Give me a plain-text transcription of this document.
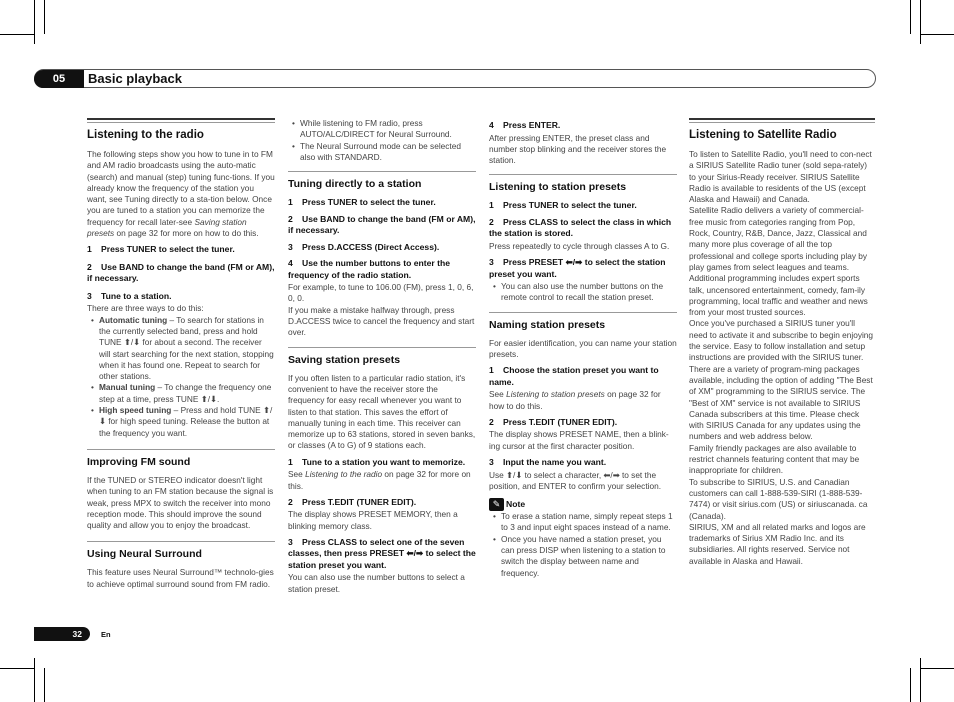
05	Basic playback
Listening to the radio

The following steps show you how to tune in to FM and AM radio broadcasts using the auto-matic (search) and manual (step) tuning func-tions. If you already know the frequency of the station you want, see Tuning directly to a sta-tion below. Once you are tuned to a station you can memorize the frequency for recall later-see Saving station presets on page 32 for more on how to do this.

1 Press TUNER to select the tuner.
2 Use BAND to change the band (FM or AM), if necessary.
3 Tune to a station.

There are three ways to do this:

• Automatic tuning – To search for stations in the currently selected band, press and hold TUNE ⬆/⬇ for about a second. The receiver will start searching for the next station, stopping when it has found one. Repeat to search for other stations.

• Manual tuning – To change the frequency one step at a time, press TUNE ⬆/⬇.

• High speed tuning – Press and hold TUNE ⬆/⬇ for high speed tuning. Release the button at the frequency you want.

Improving FM sound

If the TUNED or STEREO indicator doesn't light when tuning to an FM station because the signal is weak, press MPX to switch the receiver into mono reception mode. This should improve the sound quality and allow you to enjoy the broadcast.

Using Neural Surround

This feature uses Neural Surround™ technolo-gies to achieve optimal surround sound from FM radio.

• While listening to FM radio, press AUTO/ALC/DIRECT for Neural Surround.

• The Neural Surround mode can be selected also with STANDARD.

Tuning directly to a station
1 Press TUNER to select the tuner.
2 Use BAND to change the band (FM or AM), if necessary.
3 Press D.ACCESS (Direct Access).
4 Use the number buttons to enter the frequency of the radio station.

For example, to tune to 106.00 (FM), press 1, 0, 6, 0, 0.

If you make a mistake halfway through, press D.ACCESS twice to cancel the frequency and start over.

Saving station presets

If you often listen to a particular radio station, it's convenient to have the receiver store the frequency for easy recall whenever you want to listen to that station. This saves the effort of manually tuning in each time. This receiver can memorize up to 63 stations, stored in seven banks, or classes (A to G) of 9 stations each.

1 Tune to a station you want to memorize.

See Listening to the radio on page 32 for more on this.

2 Press T.EDIT (TUNER EDIT).

The display shows PRESET MEMORY, then a blinking memory class.

3 Press CLASS to select one of the seven classes, then press PRESET ⬅/➡ to select the station preset you want.

You can also use the number buttons to select a station preset.

4 Press ENTER.

After pressing ENTER, the preset class and number stop blinking and the receiver stores the station.

Listening to station presets
1 Press TUNER to select the tuner.
2 Press CLASS to select the class in which the station is stored.

Press repeatedly to cycle through classes A to G.

3 Press PRESET ⬅/➡ to select the station preset you want.

• You can also use the number buttons on the remote control to recall the station preset.

Naming station presets

For easier identification, you can name your station presets.

1 Choose the station preset you want to name.

See Listening to station presets on page 32 for how to do this.

2 Press T.EDIT (TUNER EDIT).

The display shows PRESET NAME, then a blink-ing cursor at the first character position.

3 Input the name you want.

Use ⬆/⬇ to select a character, ⬅/➡ to set the position, and ENTER to confirm your selection.

✎ Note

• To erase a station name, simply repeat steps 1 to 3 and input eight spaces instead of a name.

• Once you have named a station preset, you can press DISP when listening to a station to switch the display between name and frequency.

Listening to Satellite Radio

To listen to Satellite Radio, you'll need to con-nect a SIRIUS Satellite Radio tuner (sold sepa-rately) to your Sirius-Ready receiver. SIRIUS Satellite Radio is available to residents of the US (except Alaska and Hawaii) and Canada.

Satellite Radio delivers a variety of commercial-free music from categories ranging from Pop, Rock, Country, R&B, Dance, Jazz, Classical and many more plus coverage of all the top professional and college sports including play by play games from select leagues and teams. Additional programming includes expert sports talk, uncensored entertainment, comedy, fam-ily programming, local traffic and weather and news from your most trusted sources.

Once you've purchased a SIRIUS tuner you'll need to activate it and subscribe to begin enjoying the service. Easy to follow installation and setup instructions are provided with the SIRIUS tuner. There are a variety of program-ming packages available, including the option of adding "The Best of XM" programming to the SIRIUS service. The "Best of XM" service is not available to SIRIUS Canada subscribers at this time. Please check with SIRIUS Canada for any updates using the numbers and web address below.

Family friendly packages are also available to restrict channels featuring content that may be inappropriate for children.

To subscribe to SIRIUS, U.S. and Canadian customers can call 1-888-539-SIRI (1-888-539-7474) or visit sirius.com (US) or siriuscanada. ca (Canada).

SIRIUS, XM and all related marks and logos are trademarks of Sirius XM Radio Inc. and its subsidiaries. All rights reserved. Service not available in Alaska and Hawaii.

32	En
